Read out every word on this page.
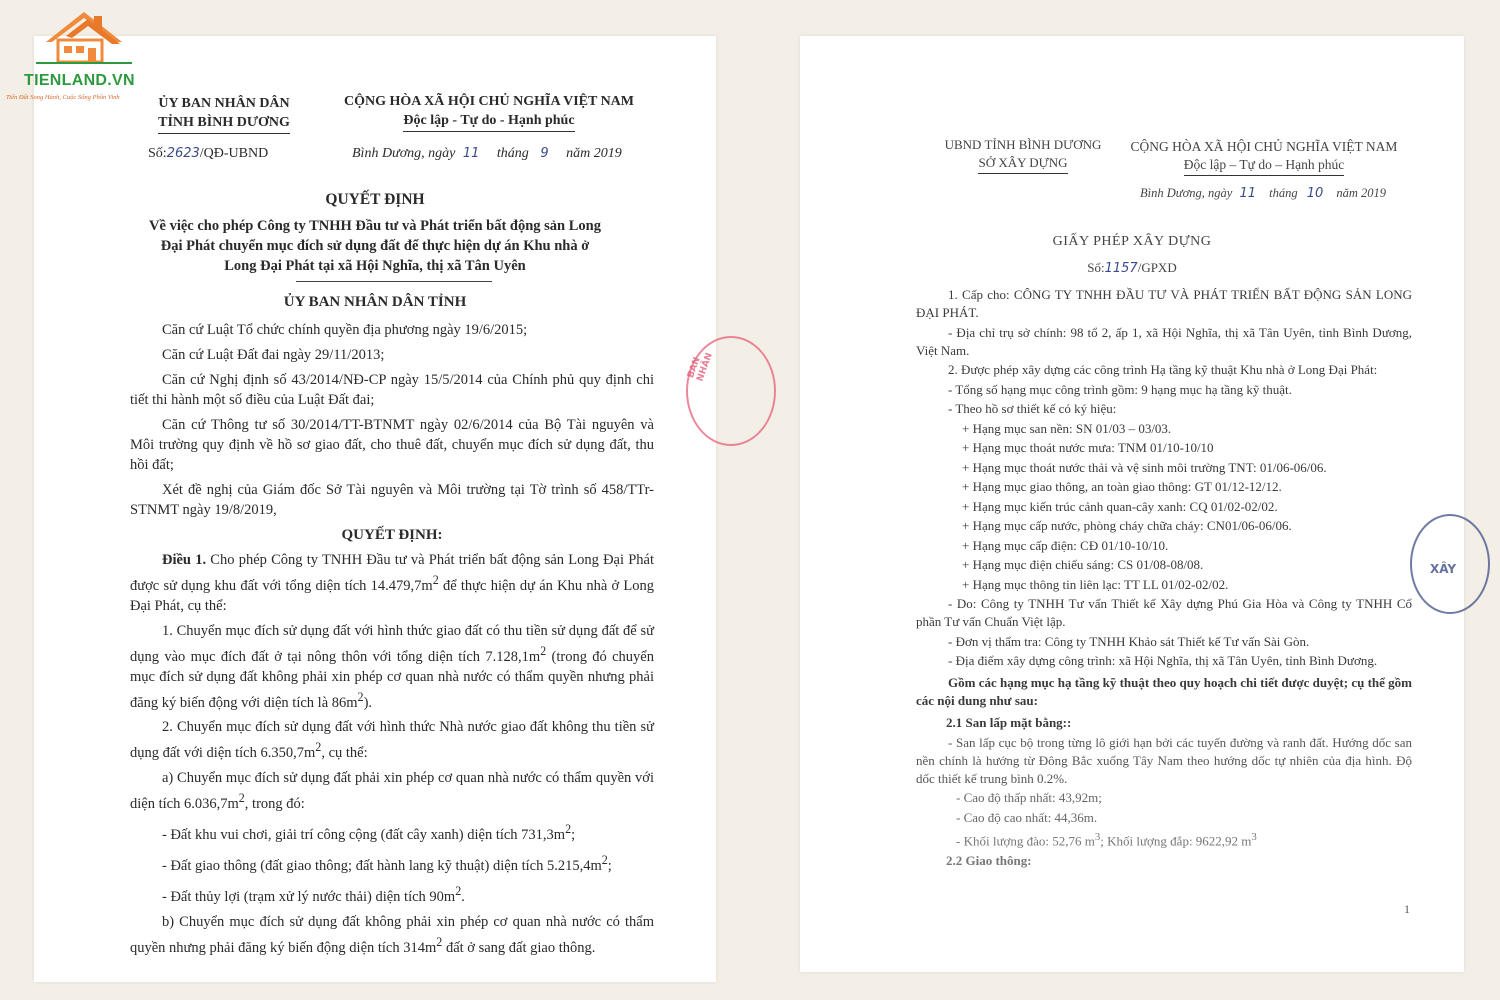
TIENLAND.VN
Tiến Đất Song Hành, Cuộc Sống Phồn Vinh	ỦY BAN NHÂN DÂN
TỈNH BÌNH DƯƠNG
CỘNG HÒA XÃ HỘI CHỦ NGHĨA VIỆT NAM
Độc lập - Tự do - Hạnh phúc
Số:2623/QĐ-UBND	Bình Dương, ngày 11 tháng 9 năm 2019
QUYẾT ĐỊNH
Về việc cho phép Công ty TNHH Đầu tư và Phát triển bất động sản Long
Đại Phát chuyển mục đích sử dụng đất để thực hiện dự án Khu nhà ở
Long Đại Phát tại xã Hội Nghĩa, thị xã Tân Uyên
ỦY BAN NHÂN DÂN TỈNH

Căn cứ Luật Tổ chức chính quyền địa phương ngày 19/6/2015;

Căn cứ Luật Đất đai ngày 29/11/2013;

Căn cứ Nghị định số 43/2014/NĐ-CP ngày 15/5/2014 của Chính phủ quy định chi tiết thi hành một số điều của Luật Đất đai;

Căn cứ Thông tư số 30/2014/TT-BTNMT ngày 02/6/2014 của Bộ Tài nguyên và Môi trường quy định về hồ sơ giao đất, cho thuê đất, chuyển mục đích sử dụng đất, thu hồi đất;

Xét đề nghị của Giám đốc Sở Tài nguyên và Môi trường tại Tờ trình số 458/TTr-STNMT ngày 19/8/2019,

QUYẾT ĐỊNH:

Điều 1. Cho phép Công ty TNHH Đầu tư và Phát triển bất động sản Long Đại Phát được sử dụng khu đất với tổng diện tích $14.479,7m^2$ để thực hiện dự án Khu nhà ở Long Đại Phát, cụ thể:

1. Chuyển mục đích sử dụng đất với hình thức giao đất có thu tiền sử dụng đất để sử dụng vào mục đích đất ở tại nông thôn với tổng diện tích $7.128,1m^2$ (trong đó chuyển mục đích sử dụng đất không phải xin phép cơ quan nhà nước có thẩm quyền nhưng phải đăng ký biến động với diện tích là $86m^2$).

2. Chuyển mục đích sử dụng đất với hình thức Nhà nước giao đất không thu tiền sử dụng đất với diện tích $6.350,7m^2$, cụ thể:

a) Chuyển mục đích sử dụng đất phải xin phép cơ quan nhà nước có thẩm quyền với diện tích $6.036,7m^2$, trong đó:

- Đất khu vui chơi, giải trí công cộng (đất cây xanh) diện tích $731,3m^2$;

- Đất giao thông (đất giao thông; đất hành lang kỹ thuật) diện tích $5.215,4m^2$;

- Đất thủy lợi (trạm xử lý nước thải) diện tích $90m^2$.

b) Chuyển mục đích sử dụng đất không phải xin phép cơ quan nhà nước có thẩm quyền nhưng phải đăng ký biến động diện tích $314m^2$ đất ở sang đất giao thông.

BAN NHÂN
UBND TỈNH BÌNH DƯƠNG
SỞ XÂY DỰNG
CỘNG HÒA XÃ HỘI CHỦ NGHĨA VIỆT NAM
Độc lập – Tự do – Hạnh phúc
Bình Dương, ngày 11 tháng 10 năm 2019
GIẤY PHÉP XÂY DỰNG
Số:1157/GPXD

1. Cấp cho: CÔNG TY TNHH ĐẦU TƯ VÀ PHÁT TRIỂN BẤT ĐỘNG SẢN LONG ĐẠI PHÁT.

- Địa chỉ trụ sở chính: 98 tổ 2, ấp 1, xã Hội Nghĩa, thị xã Tân Uyên, tỉnh Bình Dương, Việt Nam.

2. Được phép xây dựng các công trình Hạ tầng kỹ thuật Khu nhà ở Long Đại Phát:

- Tổng số hạng mục công trình gồm: 9 hạng mục hạ tầng kỹ thuật.

- Theo hồ sơ thiết kế có ký hiệu:

+ Hạng mục san nền: SN 01/03 – 03/03.

+ Hạng mục thoát nước mưa: TNM 01/10-10/10

+ Hạng mục thoát nước thải và vệ sinh môi trường TNT: 01/06-06/06.

+ Hạng mục giao thông, an toàn giao thông: GT 01/12-12/12.

+ Hạng mục kiến trúc cảnh quan-cây xanh: CQ 01/02-02/02.

+ Hạng mục cấp nước, phòng cháy chữa cháy: CN01/06-06/06.

+ Hạng mục cấp điện: CĐ 01/10-10/10.

+ Hạng mục điện chiếu sáng: CS 01/08-08/08.

+ Hạng mục thông tin liên lạc: TT LL 01/02-02/02.

- Do: Công ty TNHH Tư vấn Thiết kế Xây dựng Phú Gia Hòa và Công ty TNHH Cổ phần Tư vấn Chuẩn Việt lập.

- Đơn vị thẩm tra: Công ty TNHH Khảo sát Thiết kế Tư vấn Sài Gòn.

- Địa điểm xây dựng công trình: xã Hội Nghĩa, thị xã Tân Uyên, tỉnh Bình Dương.

Gồm các hạng mục hạ tầng kỹ thuật theo quy hoạch chi tiết được duyệt; cụ thể gồm các nội dung như sau:

2.1 San lấp mặt bằng::

- San lấp cục bộ trong từng lô giới hạn bởi các tuyến đường và ranh đất. Hướng dốc san nền chính là hướng từ Đông Bắc xuống Tây Nam theo hướng dốc tự nhiên của địa hình. Độ dốc thiết kế trung bình 0.2%.

- Cao độ thấp nhất: 43,92m;

- Cao độ cao nhất: 44,36m.

- Khối lượng đào: 52,76 $m^3$; Khối lượng đắp: 9622,92 $m^3$

2.2 Giao thông:

1
XÂY
